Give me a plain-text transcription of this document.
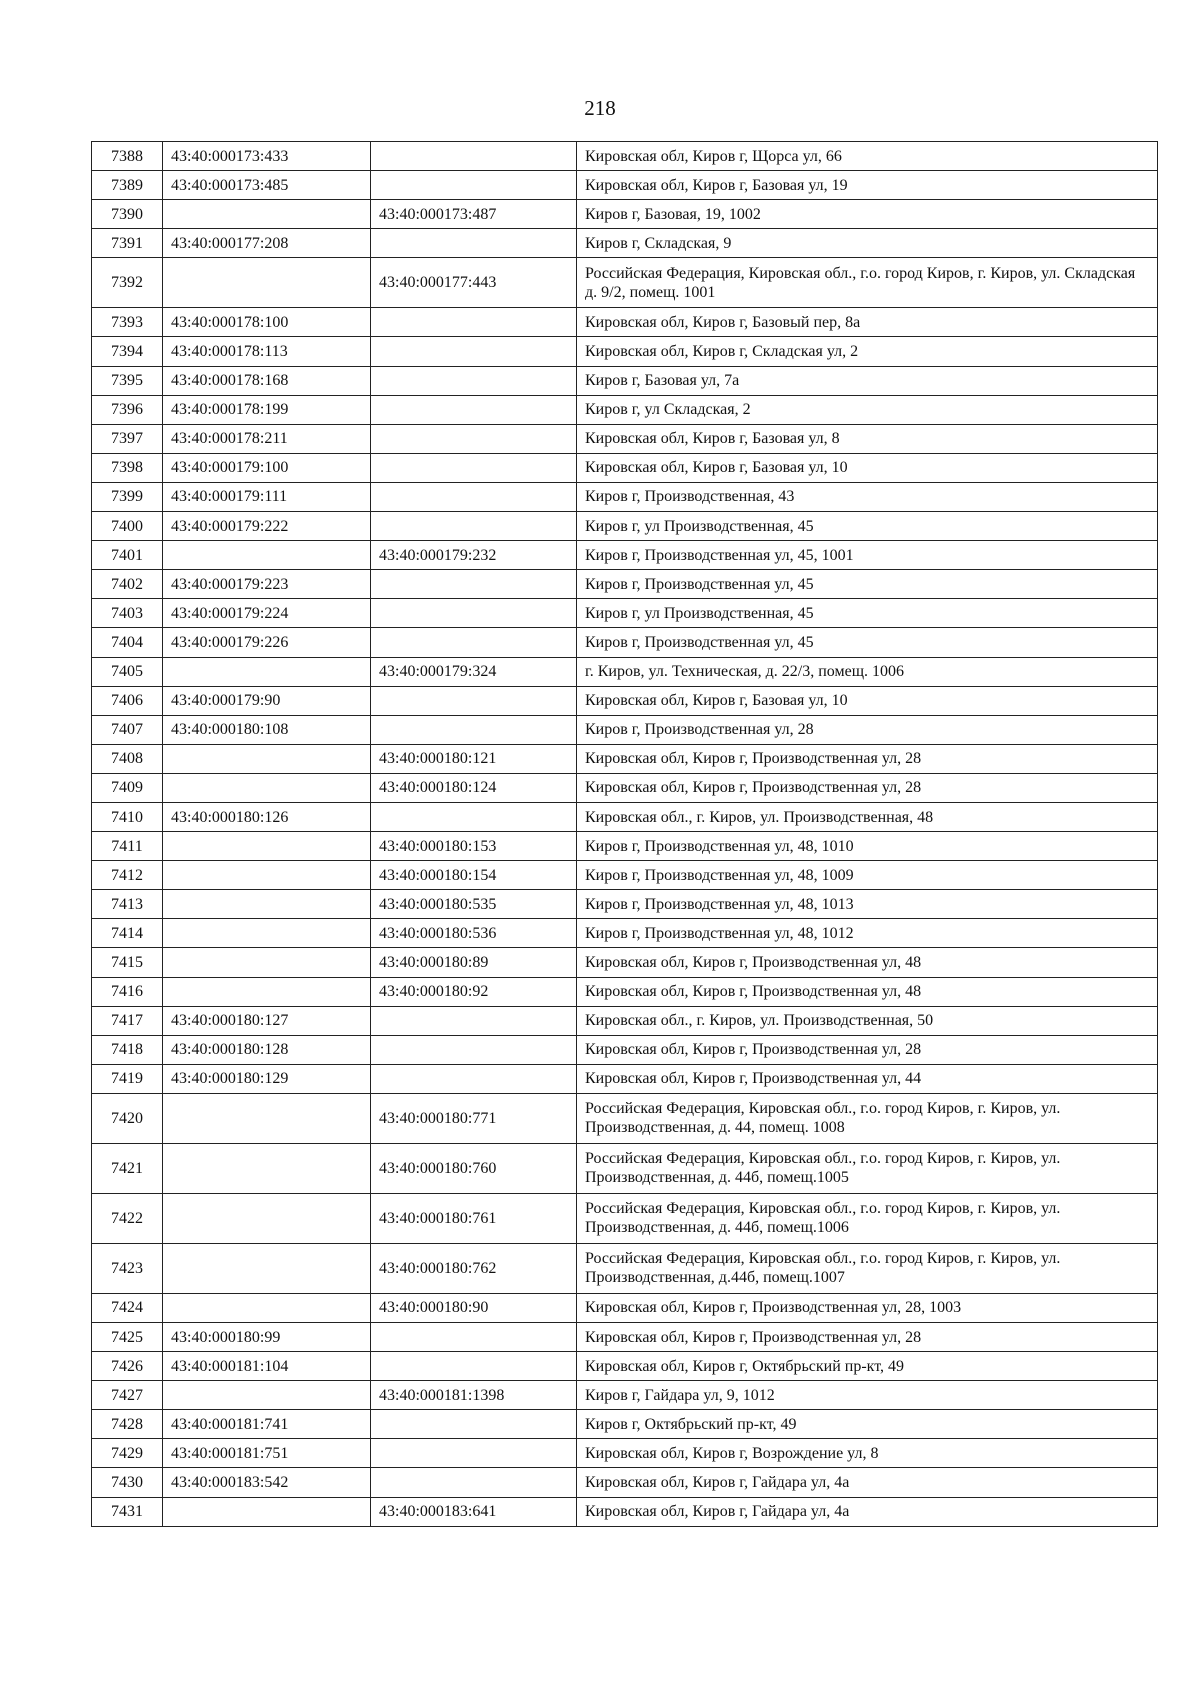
218
7388	43:40:000173:433		Кировская обл, Киров г, Щорса ул, 66
7389	43:40:000173:485		Кировская обл, Киров г, Базовая ул, 19
7390		43:40:000173:487	Киров г, Базовая, 19, 1002
7391	43:40:000177:208		Киров г, Складская, 9
7392		43:40:000177:443	Российская Федерация, Кировская обл., г.о. город Киров, г. Киров, ул. Складская д. 9/2, помещ. 1001
7393	43:40:000178:100		Кировская обл, Киров г, Базовый пер, 8а
7394	43:40:000178:113		Кировская обл, Киров г, Складская ул, 2
7395	43:40:000178:168		Киров г, Базовая ул, 7а
7396	43:40:000178:199		Киров г, ул Складская, 2
7397	43:40:000178:211		Кировская обл, Киров г, Базовая ул, 8
7398	43:40:000179:100		Кировская обл, Киров г, Базовая ул, 10
7399	43:40:000179:111		Киров г, Производственная, 43
7400	43:40:000179:222		Киров г, ул Производственная, 45
7401		43:40:000179:232	Киров г, Производственная ул, 45, 1001
7402	43:40:000179:223		Киров г, Производственная ул, 45
7403	43:40:000179:224		Киров г, ул Производственная, 45
7404	43:40:000179:226		Киров г, Производственная ул, 45
7405		43:40:000179:324	г. Киров, ул. Техническая, д. 22/3, помещ. 1006
7406	43:40:000179:90		Кировская обл, Киров г, Базовая ул, 10
7407	43:40:000180:108		Киров г, Производственная ул, 28
7408		43:40:000180:121	Кировская обл, Киров г, Производственная ул, 28
7409		43:40:000180:124	Кировская обл, Киров г, Производственная ул, 28
7410	43:40:000180:126		Кировская обл., г. Киров, ул. Производственная, 48
7411		43:40:000180:153	Киров г, Производственная ул, 48, 1010
7412		43:40:000180:154	Киров г, Производственная ул, 48, 1009
7413		43:40:000180:535	Киров г, Производственная ул, 48, 1013
7414		43:40:000180:536	Киров г, Производственная ул, 48, 1012
7415		43:40:000180:89	Кировская обл, Киров г, Производственная ул, 48
7416		43:40:000180:92	Кировская обл, Киров г, Производственная ул, 48
7417	43:40:000180:127		Кировская обл., г. Киров, ул. Производственная, 50
7418	43:40:000180:128		Кировская обл, Киров г, Производственная ул, 28
7419	43:40:000180:129		Кировская обл, Киров г, Производственная ул, 44
7420		43:40:000180:771	Российская Федерация, Кировская обл., г.о. город Киров, г. Киров, ул. Производственная, д. 44, помещ. 1008
7421		43:40:000180:760	Российская Федерация, Кировская обл., г.о. город Киров, г. Киров, ул. Производственная, д. 44б, помещ.1005
7422		43:40:000180:761	Российская Федерация, Кировская обл., г.о. город Киров, г. Киров, ул. Производственная, д. 44б, помещ.1006
7423		43:40:000180:762	Российская Федерация, Кировская обл., г.о. город Киров, г. Киров, ул. Производственная, д.44б, помещ.1007
7424		43:40:000180:90	Кировская обл, Киров г, Производственная ул, 28, 1003
7425	43:40:000180:99		Кировская обл, Киров г, Производственная ул, 28
7426	43:40:000181:104		Кировская обл, Киров г, Октябрьский пр-кт, 49
7427		43:40:000181:1398	Киров г, Гайдара ул, 9, 1012
7428	43:40:000181:741		Киров г, Октябрьский пр-кт, 49
7429	43:40:000181:751		Кировская обл, Киров г, Возрождение ул, 8
7430	43:40:000183:542		Кировская обл, Киров г, Гайдара ул, 4а
7431		43:40:000183:641	Кировская обл, Киров г, Гайдара ул, 4а
